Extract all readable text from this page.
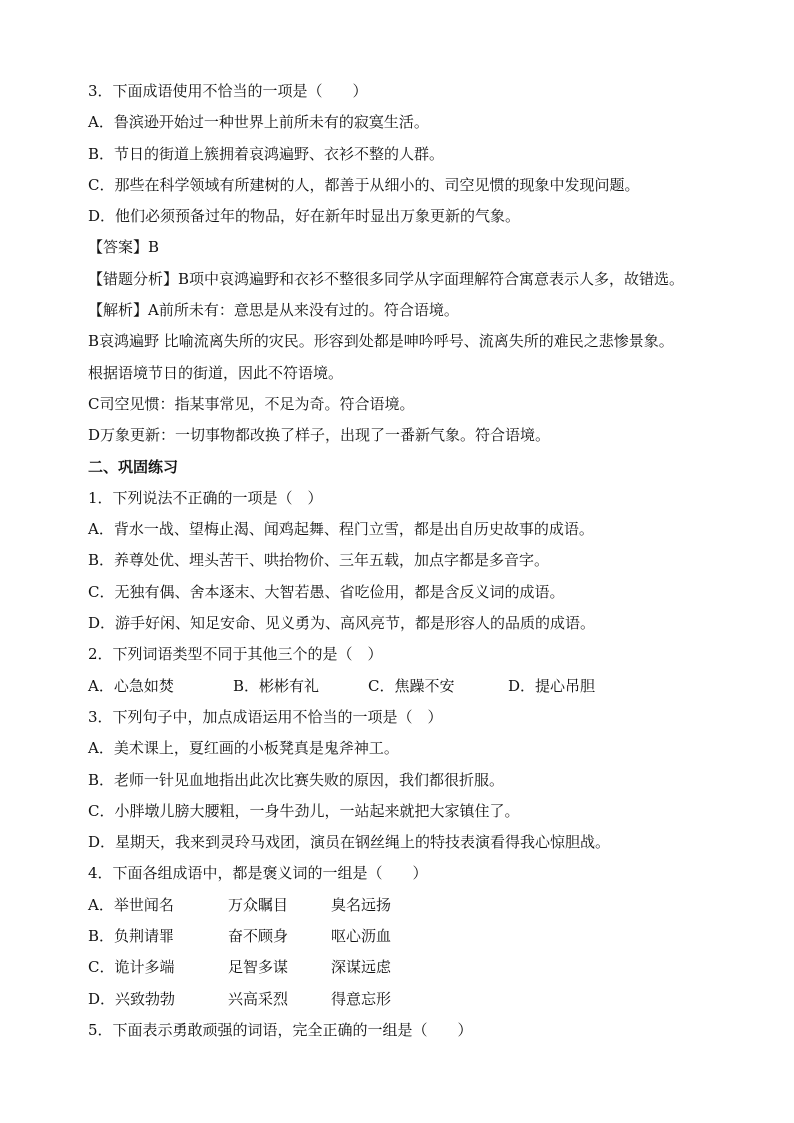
3．下面成语使用不恰当的一项是（　　）
A．鲁滨逊开始过一种世界上前所未有的寂寞生活。
B．节日的街道上簇拥着哀鸿遍野、衣衫不整的人群。
C．那些在科学领域有所建树的人，都善于从细小的、司空见惯的现象中发现问题。
D．他们必须预备过年的物品，好在新年时显出万象更新的气象。
【答案】B
【错题分析】B项中哀鸿遍野和衣衫不整很多同学从字面理解符合寓意表示人多，故错选。
【解析】A前所未有：意思是从来没有过的。符合语境。
B哀鸿遍野 比喻流离失所的灾民。形容到处都是呻吟呼号、流离失所的难民之悲惨景象。
根据语境节日的街道，因此不符语境。
C司空见惯：指某事常见，不足为奇。符合语境。
D万象更新：一切事物都改换了样子，出现了一番新气象。符合语境。
二、巩固练习
1．下列说法不正确的一项是（　）
A．背水一战、望梅止渴、闻鸡起舞、程门立雪，都是出自历史故事的成语。
B．养尊处优、埋头苦干、哄抬物价、三年五载，加点字都是多音字。
C．无独有偶、舍本逐末、大智若愚、省吃俭用，都是含反义词的成语。
D．游手好闲、知足安命、见义勇为、高风亮节，都是形容人的品质的成语。
2．下列词语类型不同于其他三个的是（　）
A．心急如焚	B．彬彬有礼	C．焦躁不安	D．提心吊胆
3．下列句子中，加点成语运用不恰当的一项是（　）
A．美术课上，夏红画的小板凳真是鬼斧神工。
B．老师一针见血地指出此次比赛失败的原因，我们都很折服。
C．小胖墩儿膀大腰粗，一身牛劲儿，一站起来就把大家镇住了。
D．星期天，我来到灵玲马戏团，演员在钢丝绳上的特技表演看得我心惊胆战。
4．下面各组成语中，都是褒义词的一组是（　　）
A．举世闻名	万众瞩目	臭名远扬
B．负荆请罪	奋不顾身	呕心沥血
C．诡计多端	足智多谋	深谋远虑
D．兴致勃勃	兴高采烈	得意忘形
5．下面表示勇敢顽强的词语，完全正确的一组是（　　）
